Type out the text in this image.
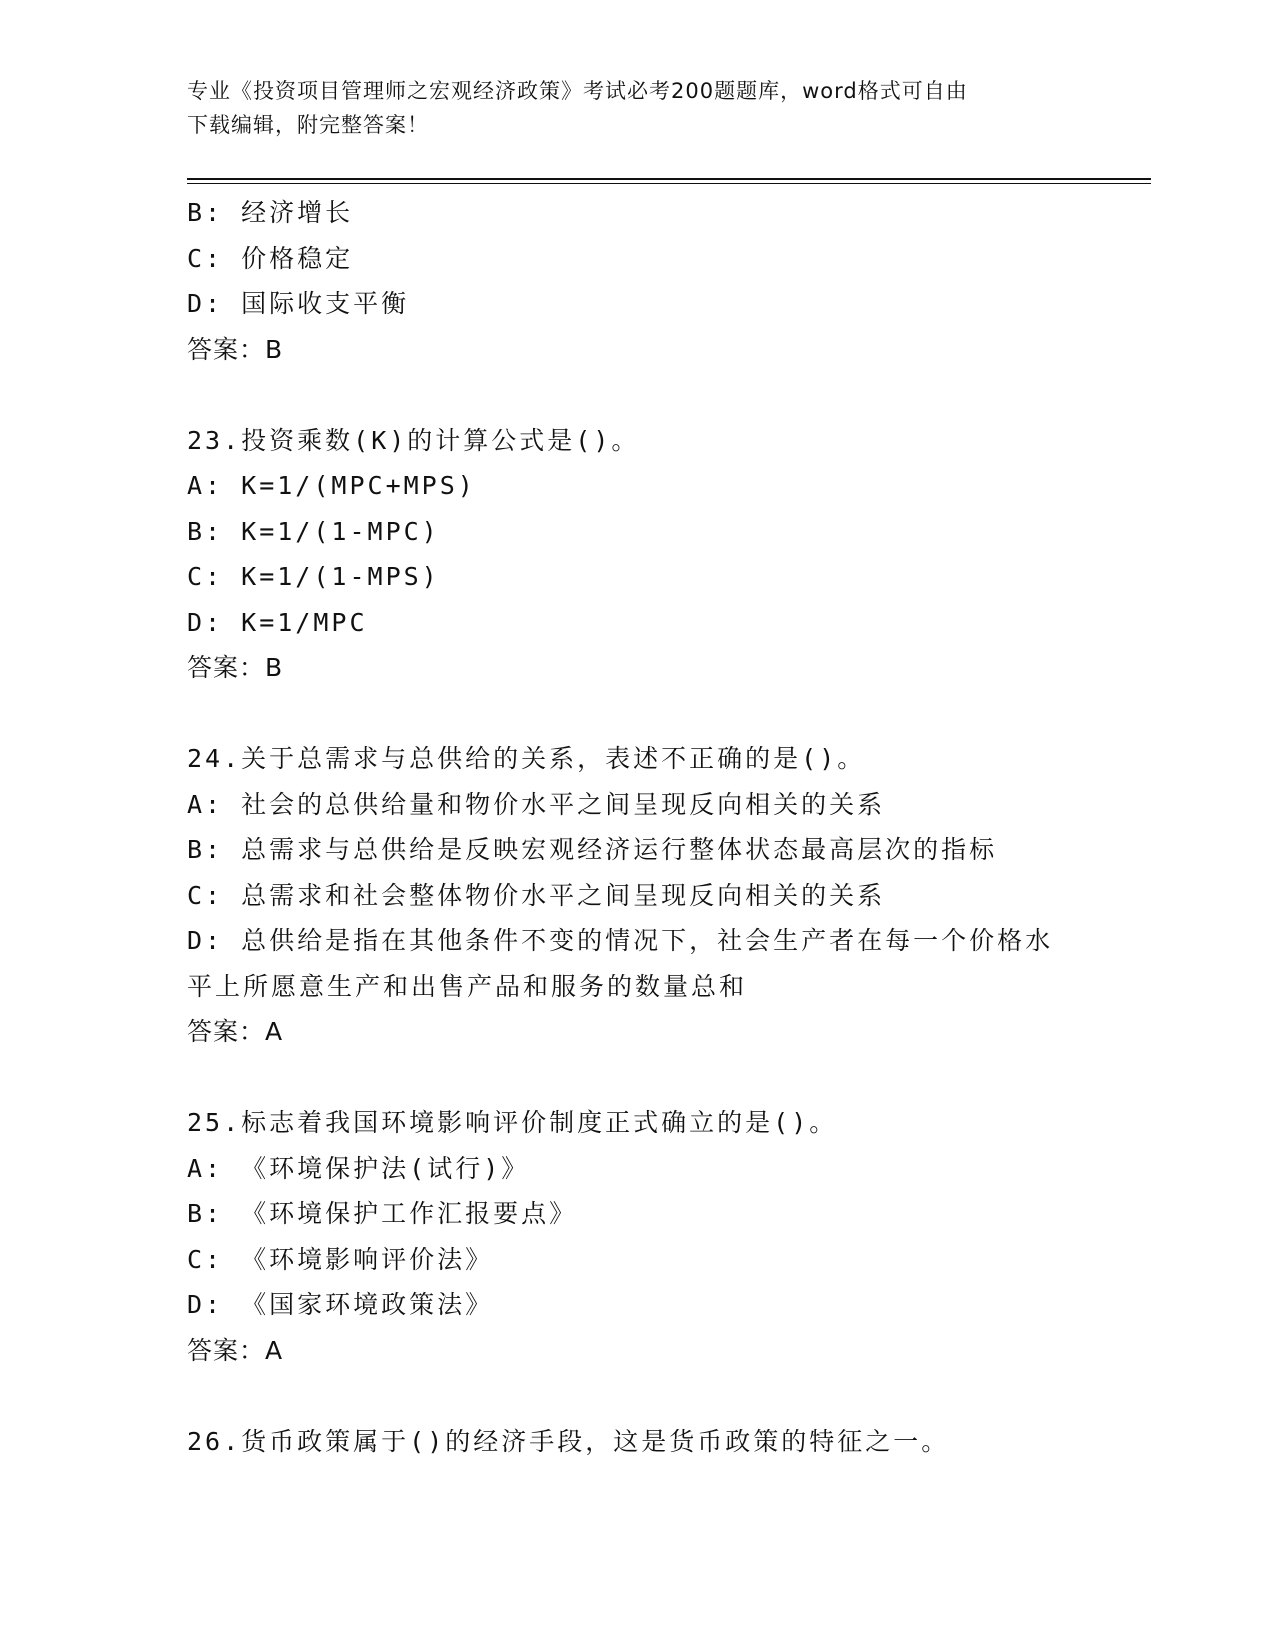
专业《投资项目管理师之宏观经济政策》考试必考200题题库，word格式可自由
下载编辑，附完整答案！
B: 经济增长
C: 价格稳定
D: 国际收支平衡
答案：B
23.投资乘数(K)的计算公式是()。
A: K=1/(MPC+MPS)
B: K=1/(1-MPC)
C: K=1/(1-MPS)
D: K=1/MPC
答案：B
24.关于总需求与总供给的关系，表述不正确的是()。
A: 社会的总供给量和物价水平之间呈现反向相关的关系
B: 总需求与总供给是反映宏观经济运行整体状态最高层次的指标
C: 总需求和社会整体物价水平之间呈现反向相关的关系
D: 总供给是指在其他条件不变的情况下，社会生产者在每一个价格水平上所愿意生产和出售产品和服务的数量总和
答案：A
25.标志着我国环境影响评价制度正式确立的是()。
A: 《环境保护法(试行)》
B: 《环境保护工作汇报要点》
C: 《环境影响评价法》
D: 《国家环境政策法》
答案：A
26.货币政策属于()的经济手段，这是货币政策的特征之一。
